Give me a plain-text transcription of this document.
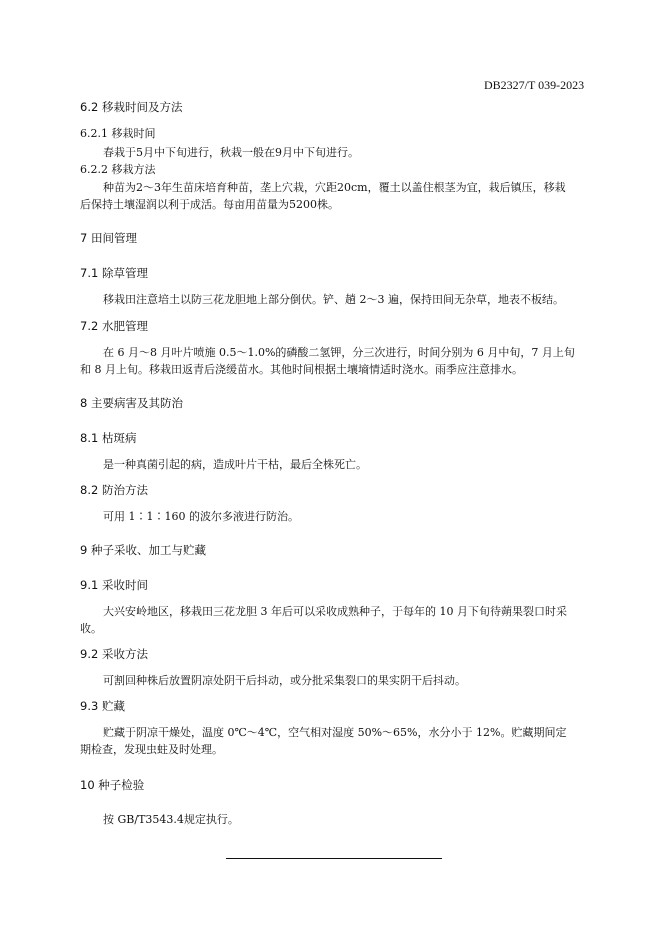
DB2327/T 039-2023
6.2 移栽时间及方法
6.2.1 移栽时间
春栽于5月中下旬进行，秋栽一般在9月中下旬进行。
6.2.2 移栽方法
种苗为2～3年生苗床培育种苗，垄上穴栽，穴距20cm，覆土以盖住根茎为宜，栽后镇压，移栽
后保持土壤湿润以利于成活。每亩用苗量为5200株。
7 田间管理
7.1 除草管理
移栽田注意培土以防三花龙胆地上部分倒伏。铲、趟 2～3 遍，保持田间无杂草，地表不板结。
7.2 水肥管理
在 6 月～8 月叶片喷施 0.5～1.0%的磷酸二氢钾，分三次进行，时间分别为 6 月中旬，7 月上旬
和 8 月上旬。移栽田返青后浇缓苗水。其他时间根据土壤墒情适时浇水。雨季应注意排水。
8 主要病害及其防治
8.1 枯斑病
是一种真菌引起的病，造成叶片干枯，最后全株死亡。
8.2 防治方法
可用 1∶1∶160 的波尔多液进行防治。
9 种子采收、加工与贮藏
9.1 采收时间
大兴安岭地区，移栽田三花龙胆 3 年后可以采收成熟种子，于每年的 10 月下旬待蒴果裂口时采
收。
9.2 采收方法
可割回种株后放置阴凉处阴干后抖动，或分批采集裂口的果实阴干后抖动。
9.3 贮藏
贮藏于阴凉干燥处，温度 0℃～4℃，空气相对湿度 50%～65%，水分小于 12%。贮藏期间定
期检查，发现虫蛀及时处理。
10 种子检验
按 GB/T3543.4规定执行。
